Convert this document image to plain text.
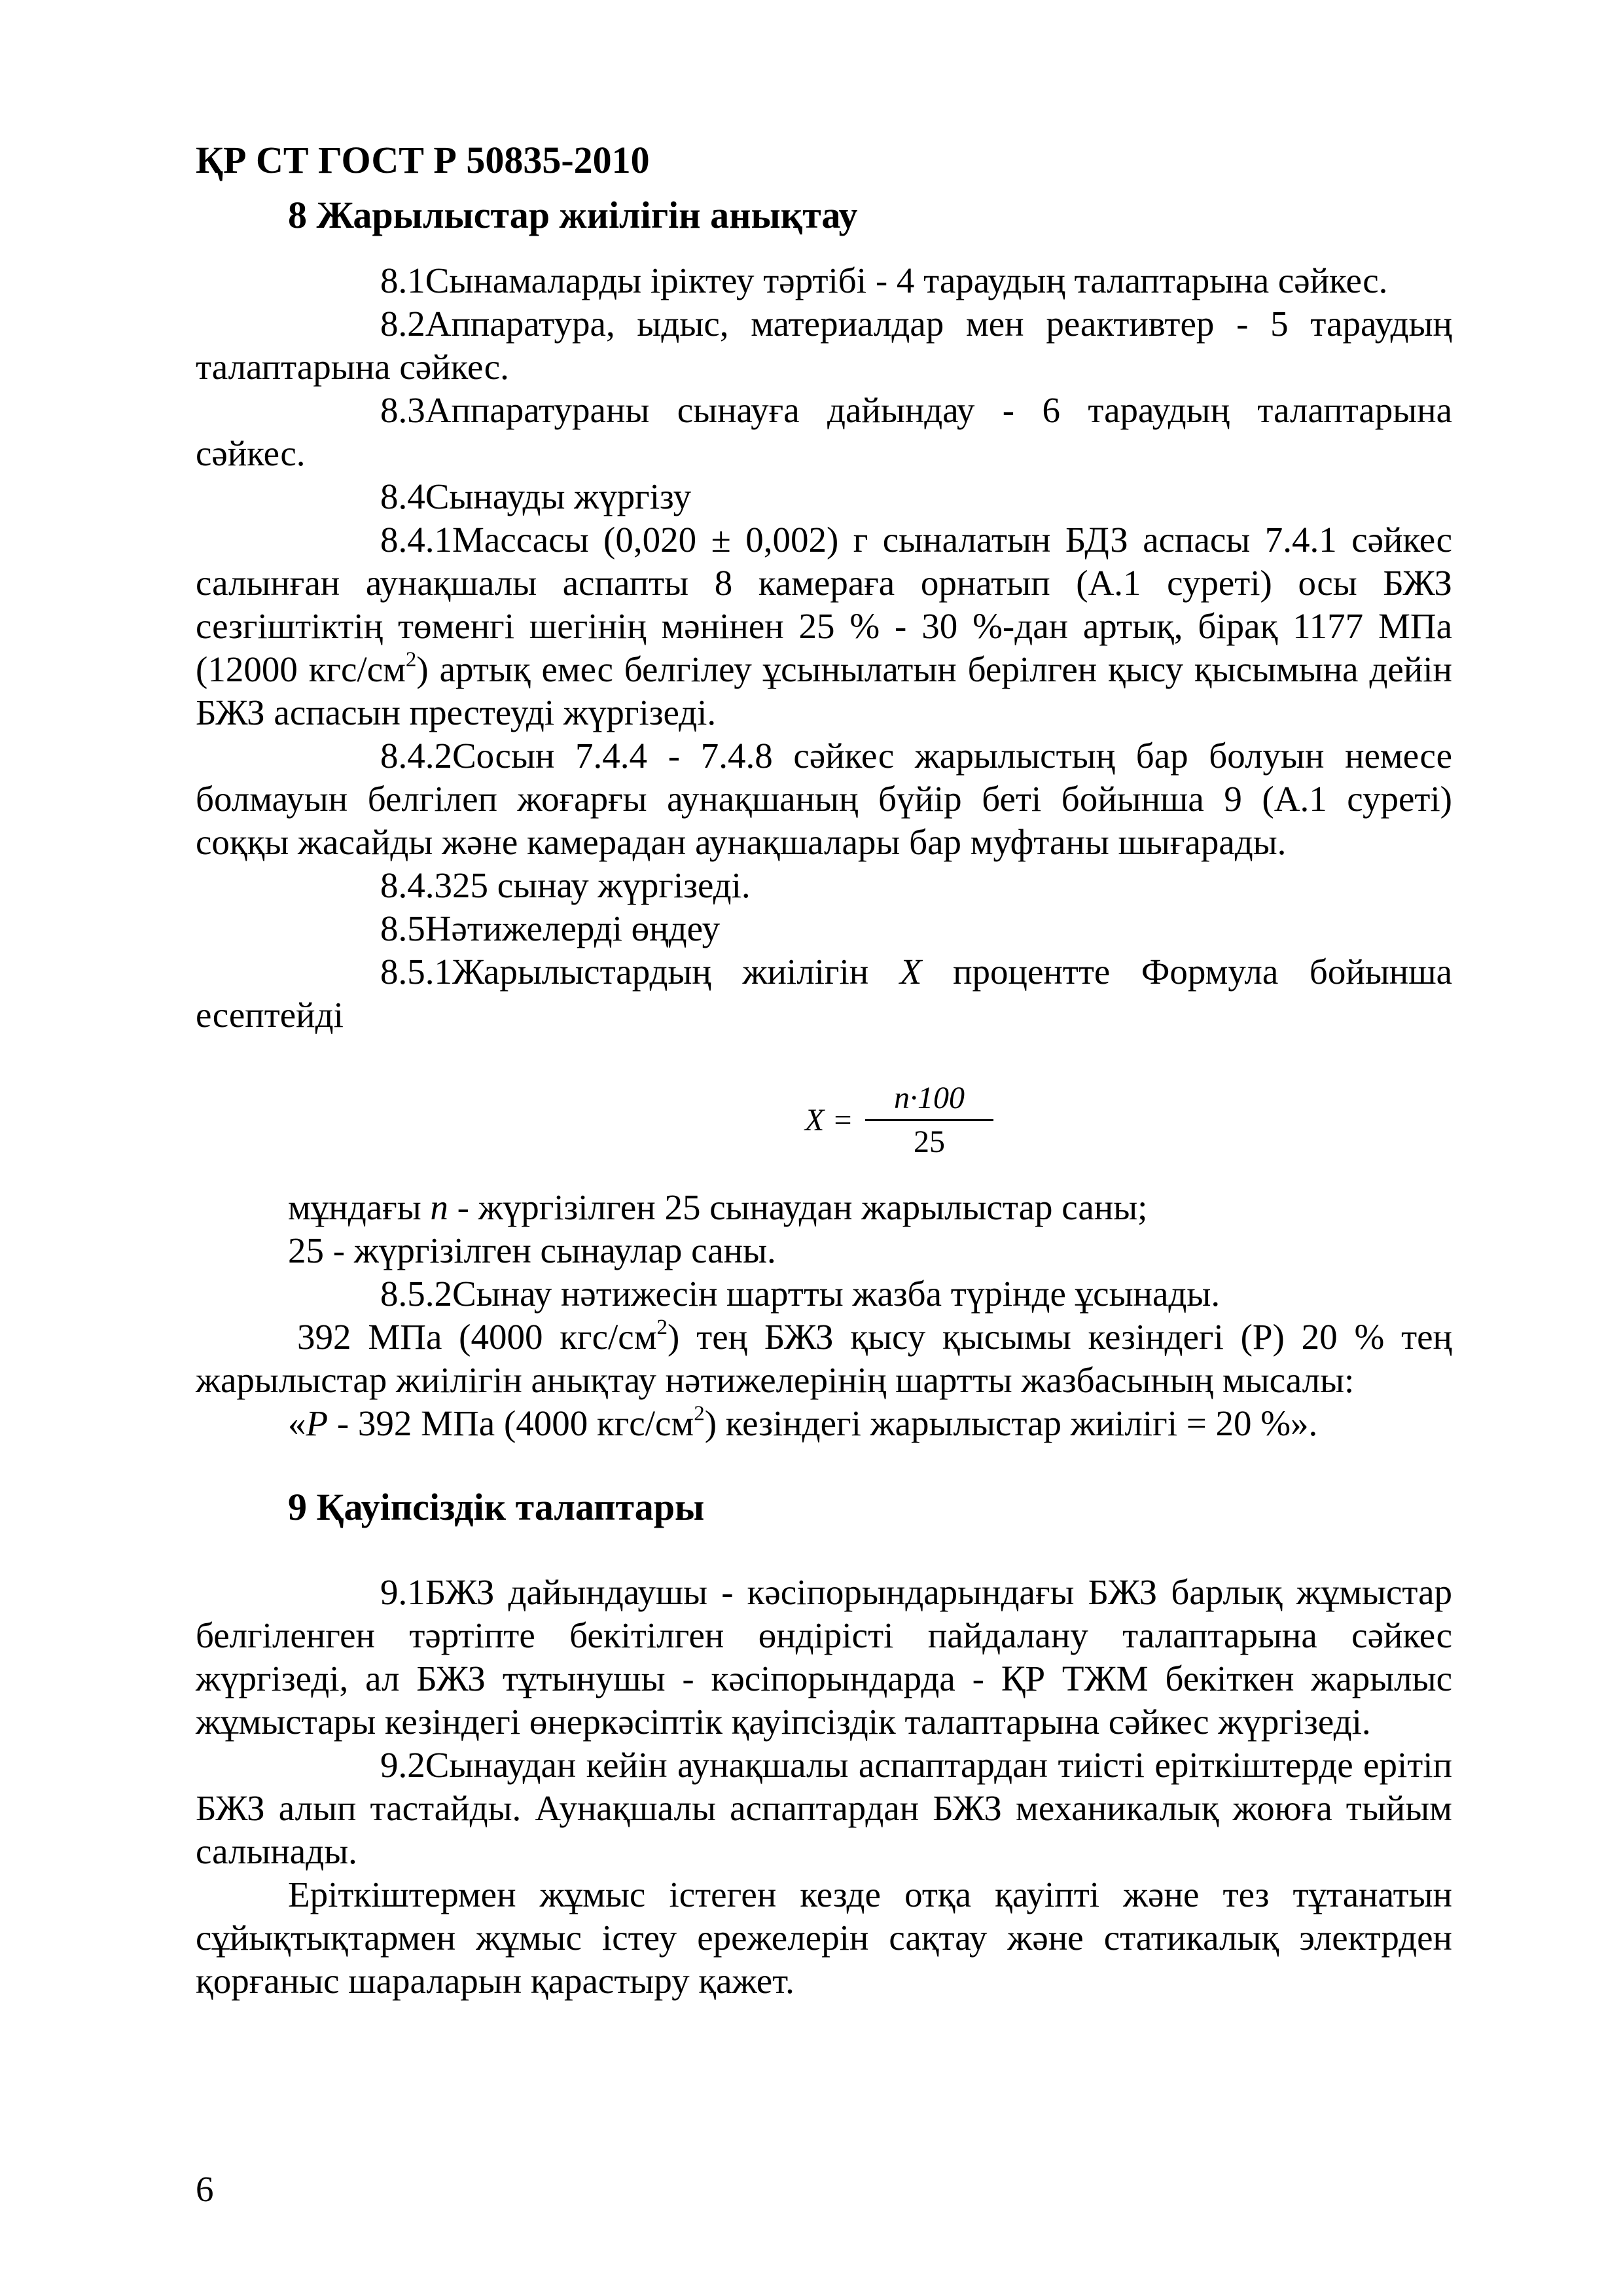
ҚР СТ ГОСТ Р 50835-2010
8 Жарылыстар жиілігін анықтау

8.1Сынамаларды іріктеу тәртібі - 4 тараудың талаптарына сәйкес.

8.2Аппаратура, ыдыс, материалдар мен реактивтер - 5 тараудың талаптарына сәйкес.

8.3Аппаратураны сынауға дайындау - 6 тараудың талаптарына сәйкес.

8.4Сынауды жүргізу

8.4.1Массасы (0,020 ± 0,002) г сыналатын БДЗ аспасы 7.4.1 сәйкес салынған аунақшалы аспапты 8 камераға орнатып (А.1 суреті) осы БЖЗ сезгіштіктің төменгі шегінің мәнінен 25 % - 30 %-дан артық, бірақ 1177 МПа (12000 кгс/$см^2$) артық емес белгілеу ұсынылатын берілген қысу қысымына дейін БЖЗ аспасын престеуді жүргізеді.

8.4.2Сосын 7.4.4 - 7.4.8 сәйкес жарылыстың бар болуын немесе болмауын белгілеп жоғарғы аунақшаның бүйір беті бойынша 9 (А.1 суреті) соққы жасайды және камерадан аунақшалары бар муфтаны шығарады.

8.4.325 сынау жүргізеді.

8.5Нәтижелерді өңдеу

8.5.1Жарылыстардың жиілігін X процентте Формула бойынша есептейді

$X = \frac{n\cdot 100}{25}$

мұндағы n - жүргізілген 25 сынаудан жарылыстар саны;

25 - жүргізілген сынаулар саны.

8.5.2Сынау нәтижесін шартты жазба түрінде ұсынады.

392 МПа (4000 кгс/$см^2$) тең БЖЗ қысу қысымы кезіндегі (Р) 20 % тең жарылыстар жиілігін анықтау нәтижелерінің шартты жазбасының мысалы:

«Р - 392 МПа (4000 кгс/$см^2$) кезіндегі жарылыстар жиілігі = 20 %».

9 Қауіпсіздік талаптары

9.1БЖЗ дайындаушы - кәсіпорындарындағы БЖЗ барлық жұмыстар белгіленген тәртіпте бекітілген өндірісті пайдалану талаптарына сәйкес жүргізеді, ал БЖЗ тұтынушы - кәсіпорындарда - ҚР ТЖМ бекіткен жарылыс жұмыстары кезіндегі өнеркәсіптік қауіпсіздік талаптарына сәйкес жүргізеді.

9.2Сынаудан кейін аунақшалы аспаптардан тиісті еріткіштерде ерітіп БЖЗ алып тастайды. Аунақшалы аспаптардан БЖЗ механикалық жоюға тыйым салынады.

Еріткіштермен жұмыс істеген кезде отқа қауіпті және тез тұтанатын сұйықтықтармен жұмыс істеу ережелерін сақтау және статикалық электрден қорғаныс шараларын қарастыру қажет.

6
